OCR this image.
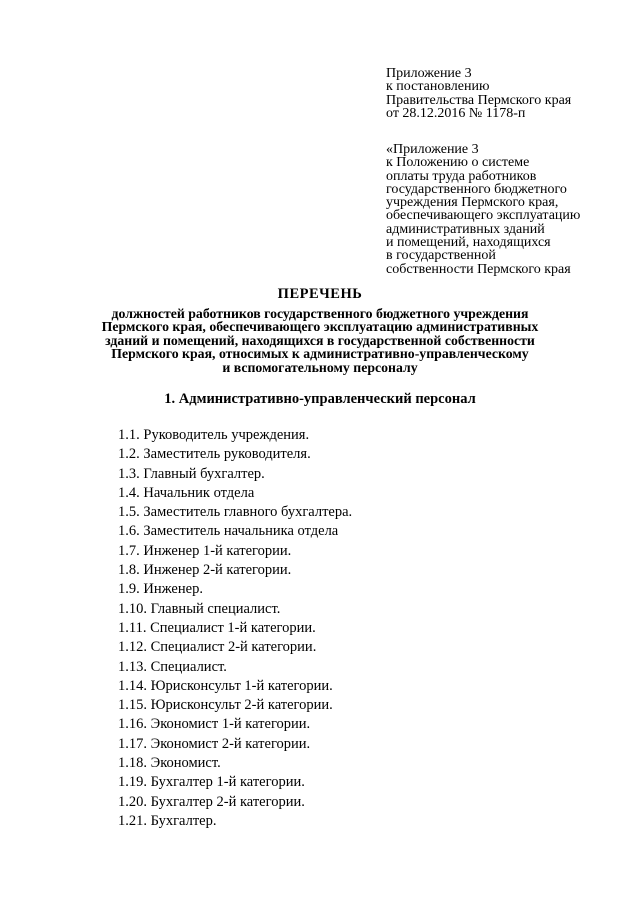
Приложение 3
к постановлению
Правительства Пермского края
от 28.12.2016 № 1178-п
«Приложение 3
к Положению о системе
оплаты труда работников
государственного бюджетного
учреждения Пермского края,
обеспечивающего эксплуатацию
административных зданий
и помещений, находящихся
в государственной
собственности Пермского края
ПЕРЕЧЕНЬ
должностей работников государственного бюджетного учреждения
Пермского края, обеспечивающего эксплуатацию административных
зданий и помещений, находящихся в государственной собственности
Пермского края, относимых к административно-управленческому
и вспомогательному персоналу
1. Административно-управленческий персонал
1.1. Руководитель учреждения.
1.2. Заместитель руководителя.
1.3. Главный бухгалтер.
1.4. Начальник отдела
1.5. Заместитель главного бухгалтера.
1.6. Заместитель начальника отдела
1.7. Инженер 1-й категории.
1.8. Инженер 2-й категории.
1.9. Инженер.
1.10. Главный специалист.
1.11. Специалист 1-й категории.
1.12. Специалист 2-й категории.
1.13. Специалист.
1.14. Юрисконсульт 1-й категории.
1.15. Юрисконсульт 2-й категории.
1.16. Экономист 1-й категории.
1.17. Экономист 2-й категории.
1.18. Экономист.
1.19. Бухгалтер 1-й категории.
1.20. Бухгалтер 2-й категории.
1.21. Бухгалтер.
